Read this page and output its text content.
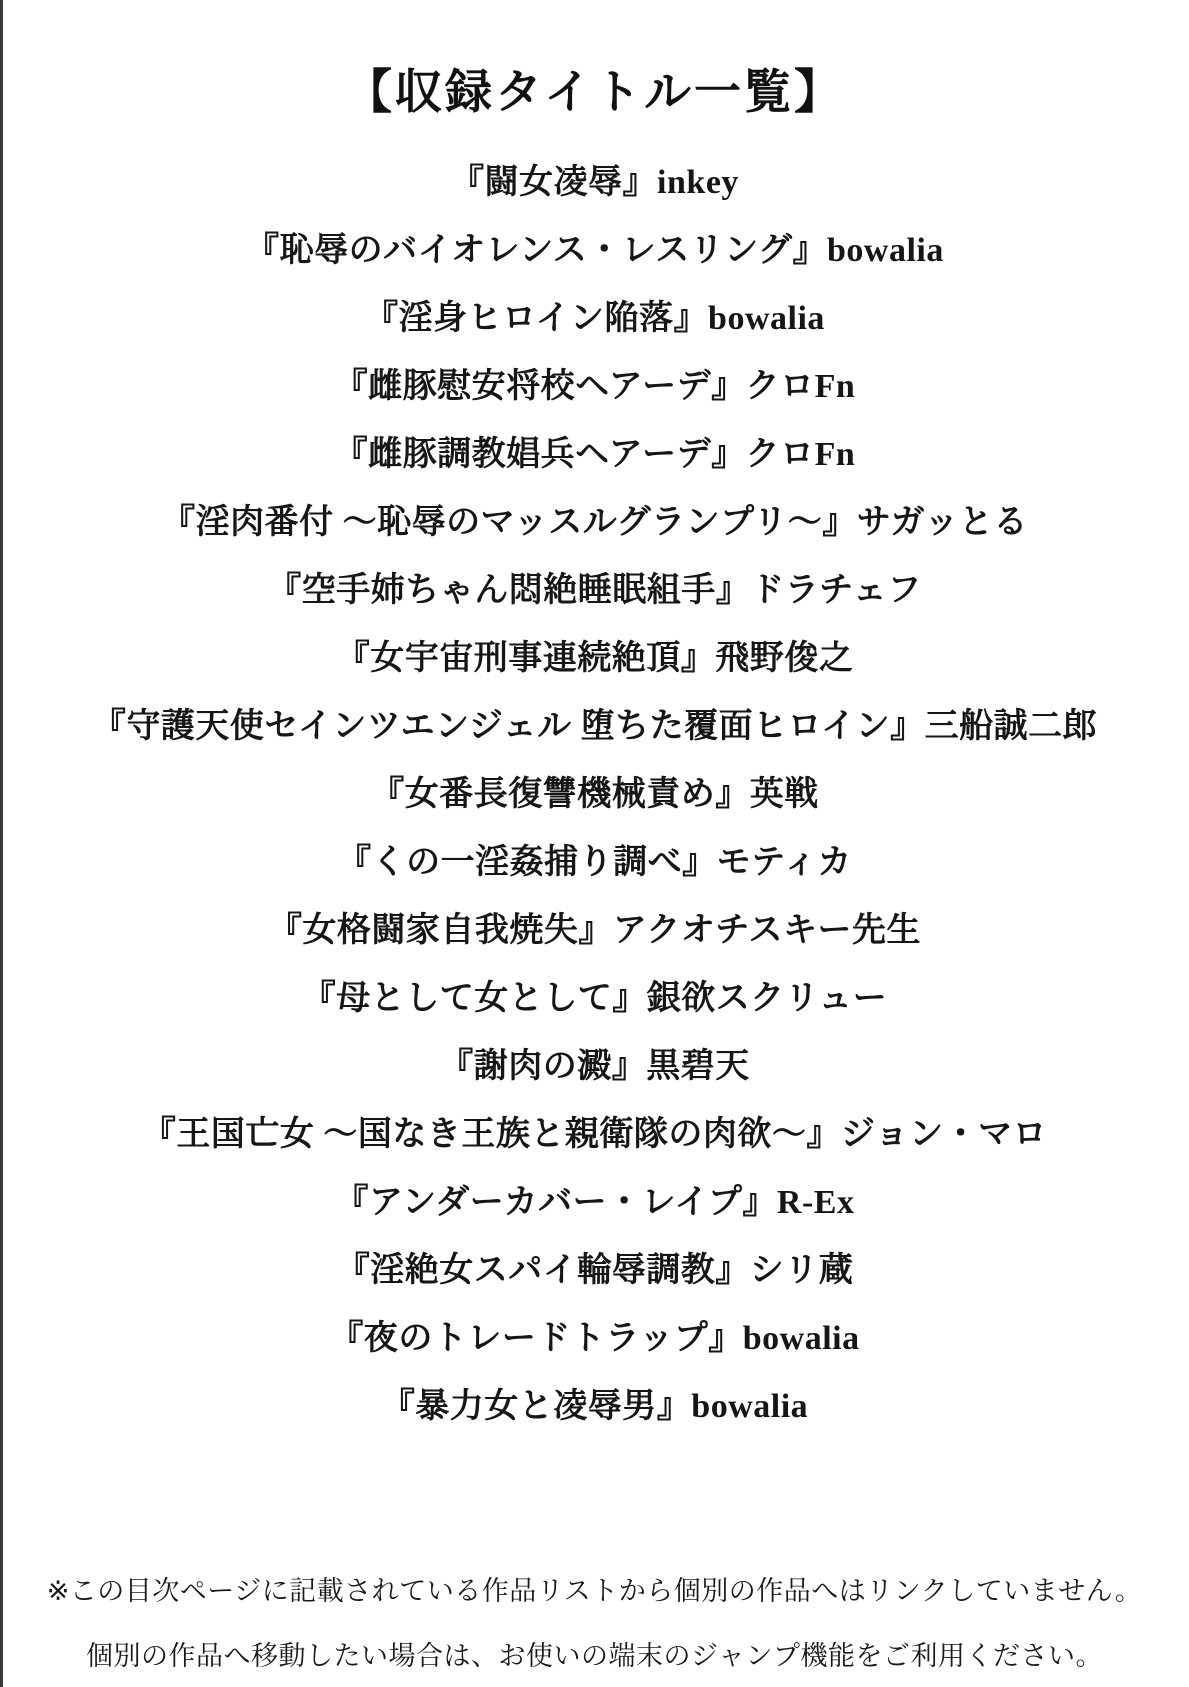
【収録タイトル一覧】

『闘女凌辱』inkey

『恥辱のバイオレンス・レスリング』bowalia

『淫身ヒロイン陥落』bowalia

『雌豚慰安将校ヘアーデ』クロFn

『雌豚調教娼兵ヘアーデ』クロFn

『淫肉番付 ～恥辱のマッスルグランプリ～』サガッとる

『空手姉ちゃん悶絶睡眠組手』ドラチェフ

『女宇宙刑事連続絶頂』飛野俊之

『守護天使セインツエンジェル 堕ちた覆面ヒロイン』三船誠二郎

『女番長復讐機械責め』英戦

『くの一淫姦捕り調べ』モティカ

『女格闘家自我焼失』アクオチスキー先生

『母として女として』銀欲スクリュー

『謝肉の澱』黒碧天

『王国亡女 ～国なき王族と親衛隊の肉欲～』ジョン・マロ

『アンダーカバー・レイプ』R-Ex

『淫絶女スパイ輪辱調教』シリ蔵

『夜のトレードトラップ』bowalia

『暴力女と凌辱男』bowalia

※この目次ページに記載されている作品リストから個別の作品へはリンクしていません。

個別の作品へ移動したい場合は、お使いの端末のジャンプ機能をご利用ください。
